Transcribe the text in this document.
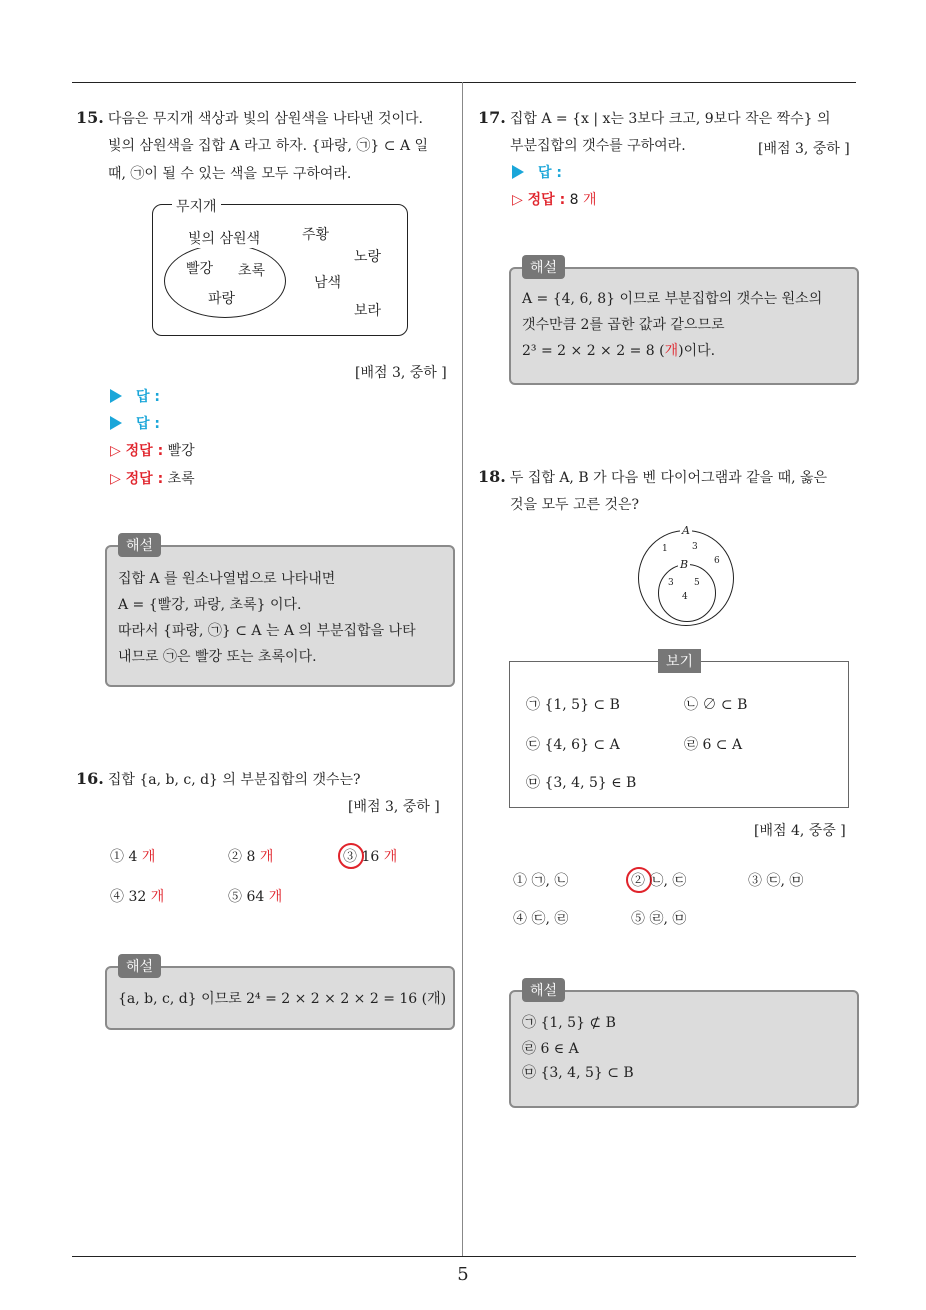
5
15. 다음은 무지개 색상과 빛의 삼원색을 나타낸 것이다.
빛의 삼원색을 집합 A 라고 하자. {파랑, ㉠} ⊂ A 일
때, ㉠이 될 수 있는 색을 모두 구하여라.
무지개
빛의 삼원색
빨강 초록
파랑
주황
노랑
남색
보라
[배점 3, 중하 ]
답 :
답 :
▷ 정답 : 빨강
▷ 정답 : 초록
해설
집합 A 를 원소나열법으로 나타내면
A = {빨강, 파랑, 초록} 이다.
따라서 {파랑, ㉠} ⊂ A 는 A 의 부분집합을 나타
내므로 ㉠은 빨강 또는 초록이다.
16. 집합 {a, b, c, d} 의 부분집합의 갯수는?
[배점 3, 중하 ]
① 4 개	② 8 개	③ 16 개
④ 32 개	⑤ 64 개
해설
{a, b, c, d} 이므로 2⁴ = 2 × 2 × 2 × 2 = 16 (개)
17. 집합 A = {x | x는 3보다 크고, 9보다 작은 짝수} 의
부분집합의 갯수를 구하여라.	[배점 3, 중하 ]
답 :
▷ 정답 : 8 개
해설
A = {4, 6, 8} 이므로 부분집합의 갯수는 원소의
갯수만큼 2를 곱한 값과 같으므로
2³ = 2 × 2 × 2 = 8 (개)이다.
18. 두 집합 A, B 가 다음 벤 다이어그램과 같을 때, 옳은
것을 모두 고른 것은?
A
B
1	3
6
3 5
4
보기
㉠ {1, 5} ⊂ B	㉡ ∅ ⊂ B
㉢ {4, 6} ⊂ A	㉣ 6 ⊂ A
㉤ {3, 4, 5} ∈ B
[배점 4, 중중 ]
① ㉠, ㉡	② ㉡, ㉢	③ ㉢, ㉤
④ ㉢, ㉣	⑤ ㉣, ㉤
해설
㉠ {1, 5} ⊄ B
㉣ 6 ∈ A
㉤ {3, 4, 5} ⊂ B
